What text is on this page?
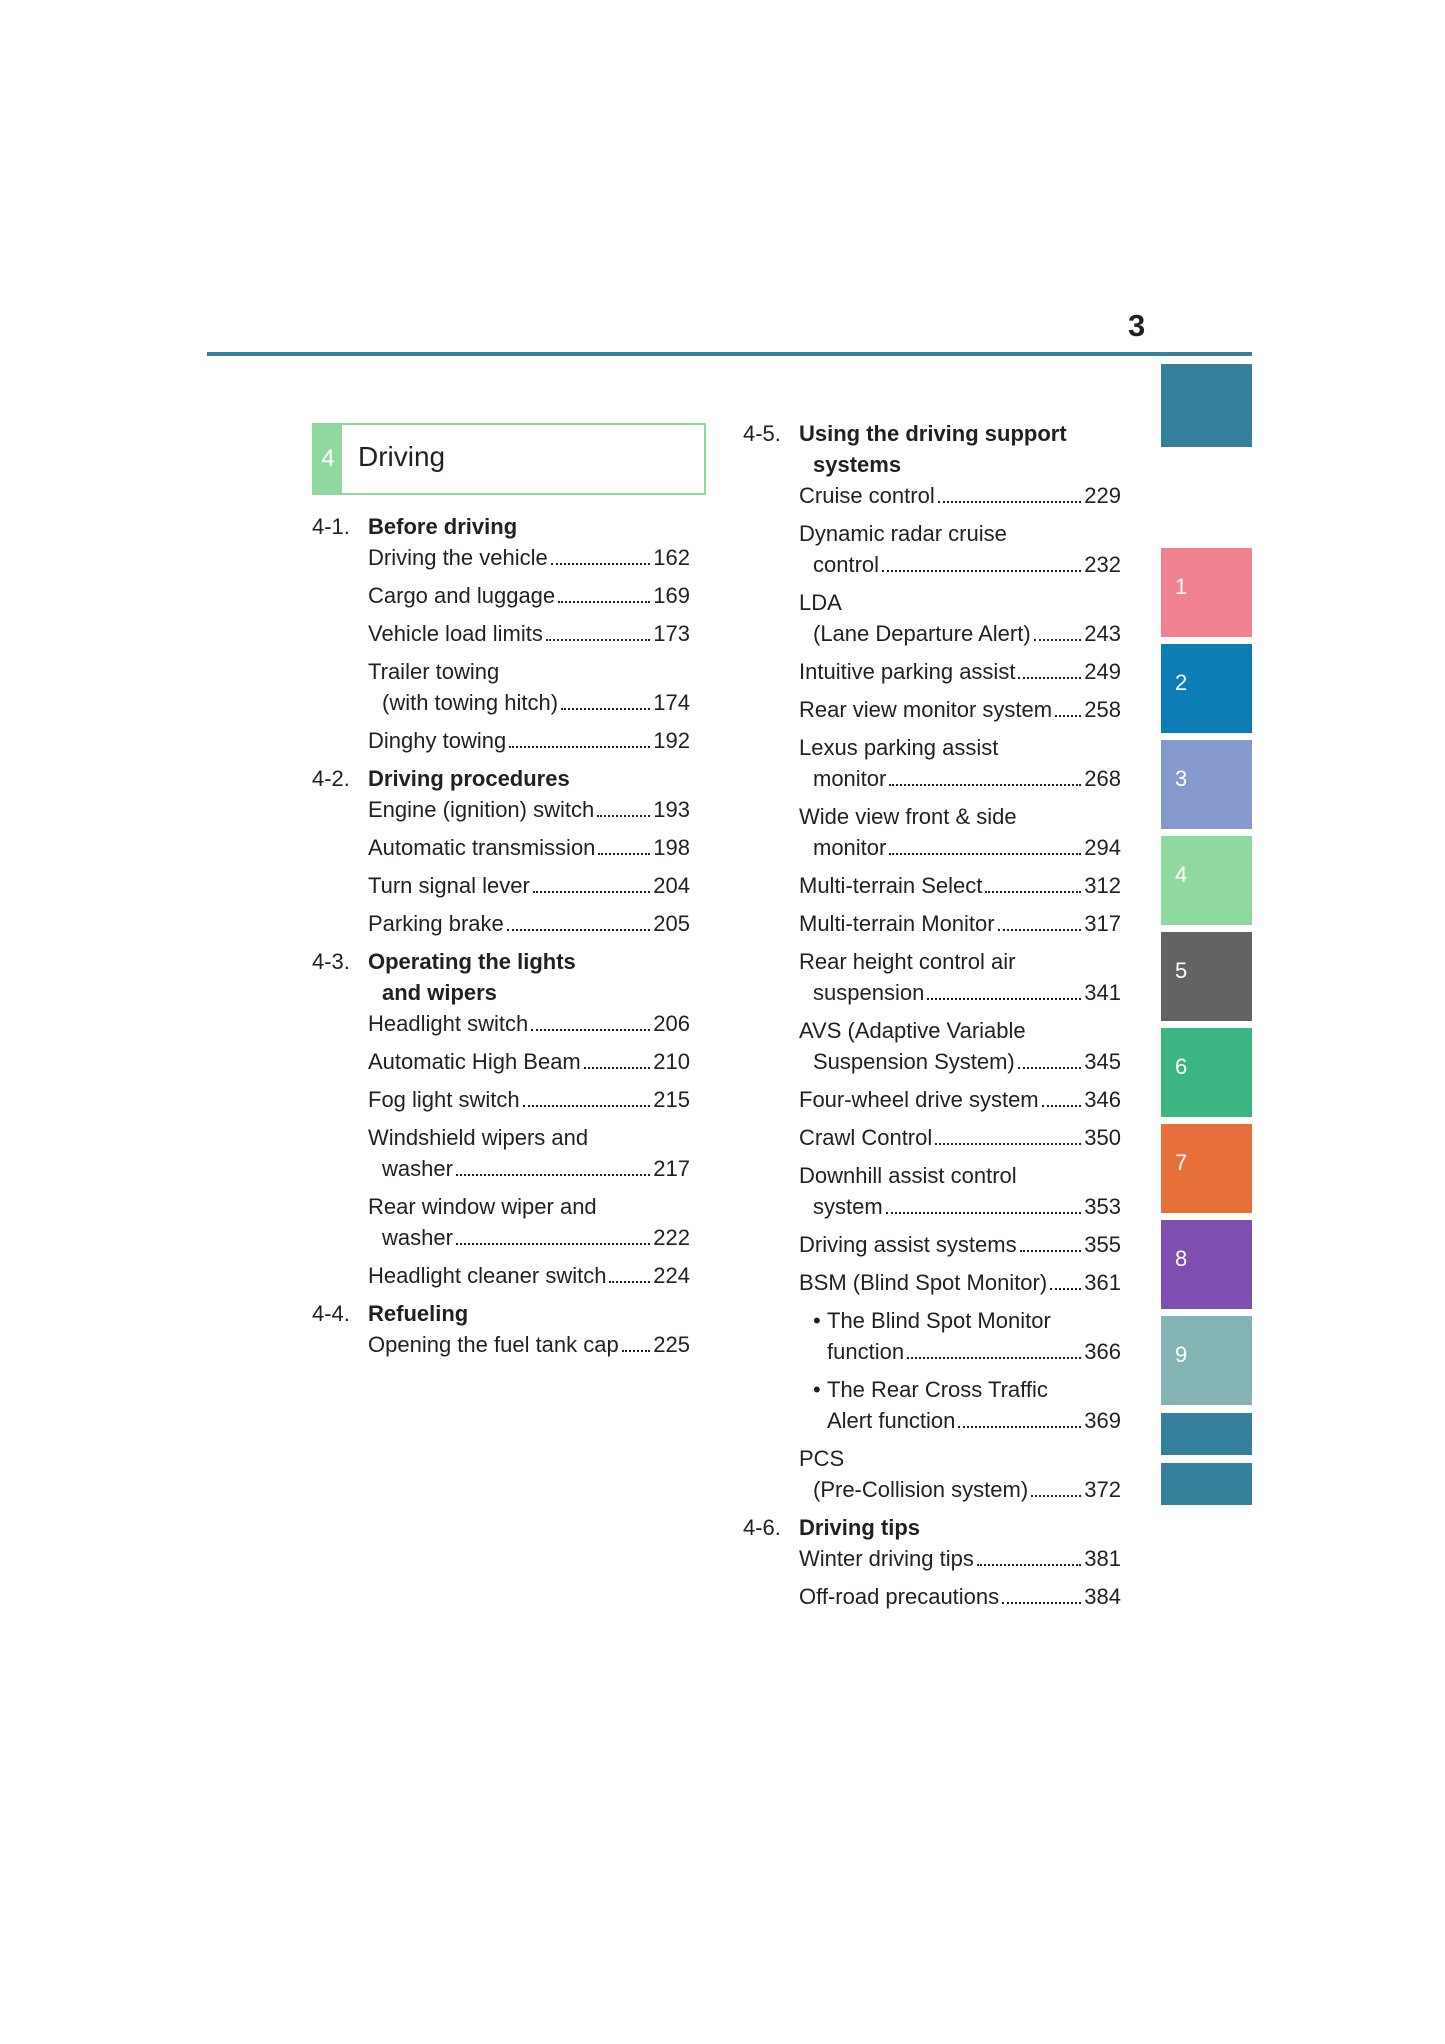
3
1
2
3
4
5
6
7
8
9
4 Driving
4-1. Before driving
Driving the vehicle	162
Cargo and luggage	169
Vehicle load limits	173
Trailer towing
(with towing hitch)	174
Dinghy towing	192
4-2. Driving procedures
Engine (ignition) switch	193
Automatic transmission	198
Turn signal lever	204
Parking brake	205
4-3. Operating the lights
and wipers
Headlight switch	206
Automatic High Beam	210
Fog light switch	215
Windshield wipers and
washer	217
Rear window wiper and
washer	222
Headlight cleaner switch 224
4-4. Refueling
Opening the fuel tank cap 225
4-5. Using the driving support
systems
Cruise control	229
Dynamic radar cruise
control	232
LDA
(Lane Departure Alert) 243
Intuitive parking assist	249
Rear view monitor system 258
Lexus parking assist
monitor	268
Wide view front & side
monitor	294
Multi-terrain Select	312
Multi-terrain Monitor	317
Rear height control air
suspension	341
AVS (Adaptive Variable
Suspension System)	345
Four-wheel drive system 346
Crawl Control	350
Downhill assist control
system	353
Driving assist systems	355
BSM (Blind Spot Monitor) 361
• The Blind Spot Monitor
function	366
• The Rear Cross Traffic
Alert function	369
PCS
(Pre-Collision system)	372
4-6. Driving tips
Winter driving tips	381
Off-road precautions	384
